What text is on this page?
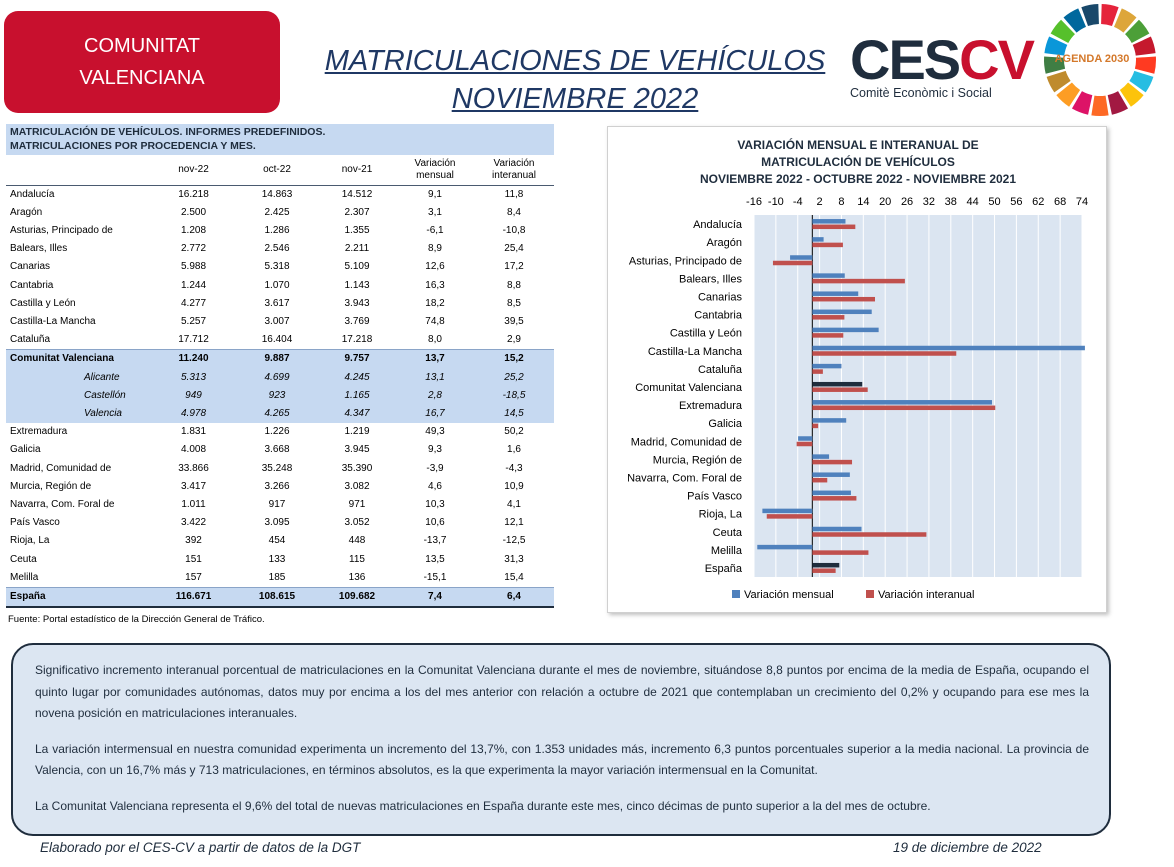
COMUNITAT
VALENCIANA
MATRICULACIONES DE VEHÍCULOS
NOVIEMBRE 2022
CESCV
Comitè Econòmic i Social
AGENDA 2030
MATRICULACIÓN DE VEHÍCULOS. INFORMES PREDEFINIDOS.
MATRICULACIONES POR PROCEDENCIA Y MES.
	nov-22	oct-22	nov-21	Variación mensual	Variación interanual
Andalucía	16.218	14.863	14.512	9,1	11,8
Aragón	2.500	2.425	2.307	3,1	8,4
Asturias, Principado de	1.208	1.286	1.355	-6,1	-10,8
Balears, Illes	2.772	2.546	2.211	8,9	25,4
Canarias	5.988	5.318	5.109	12,6	17,2
Cantabria	1.244	1.070	1.143	16,3	8,8
Castilla y León	4.277	3.617	3.943	18,2	8,5
Castilla-La Mancha	5.257	3.007	3.769	74,8	39,5
Cataluña	17.712	16.404	17.218	8,0	2,9
Comunitat Valenciana	11.240	9.887	9.757	13,7	15,2
Alicante	5.313	4.699	4.245	13,1	25,2
Castellón	949	923	1.165	2,8	-18,5
Valencia	4.978	4.265	4.347	16,7	14,5
Extremadura	1.831	1.226	1.219	49,3	50,2
Galicia	4.008	3.668	3.945	9,3	1,6
Madrid, Comunidad de	33.866	35.248	35.390	-3,9	-4,3
Murcia, Región de	3.417	3.266	3.082	4,6	10,9
Navarra, Com. Foral de	1.011	917	971	10,3	4,1
País Vasco	3.422	3.095	3.052	10,6	12,1
Rioja, La	392	454	448	-13,7	-12,5
Ceuta	151	133	115	13,5	31,3
Melilla	157	185	136	-15,1	15,4
España	116.671	108.615	109.682	7,4	6,4
Fuente: Portal estadístico de la Dirección General de Tráfico.
VARIACIÓN MENSUAL E INTERANUAL DE
MATRICULACIÓN DE VEHÍCULOS
NOVIEMBRE 2022 - OCTUBRE 2022 - NOVIEMBRE 2021
-16 -10 -4 2 8 14 20 26 32 38 44 50 56 62 68 74
Andalucía
Aragón
Asturias, Principado de
Balears, Illes
Canarias
Cantabria
Castilla y León
Castilla-La Mancha
Cataluña
Comunitat Valenciana
Extremadura
Galicia
Madrid, Comunidad de
Murcia, Región de
Navarra, Com. Foral de
País Vasco
Rioja, La
Ceuta
Melilla
España
Variación mensual	Variación interanual

Significativo incremento interanual porcentual de matriculaciones en la Comunitat Valenciana durante el mes de noviembre, situándose 8,8 puntos por encima de la media de España, ocupando el quinto lugar por comunidades autónomas, datos muy por encima a los del mes anterior con relación a octubre de 2021 que contemplaban un crecimiento del 0,2% y ocupando para ese mes la novena posición en matriculaciones interanuales.

La variación intermensual en nuestra comunidad experimenta un incremento del 13,7%, con 1.353 unidades más, incremento 6,3 puntos porcentuales superior a la media nacional. La provincia de Valencia, con un 16,7% más y 713 matriculaciones, en términos absolutos, es la que experimenta la mayor variación intermensual en la Comunitat.

La Comunitat Valenciana representa el 9,6% del total de nuevas matriculaciones en España durante este mes, cinco décimas de punto superior a la del mes de octubre.

Elaborado por el CES-CV a partir de datos de la DGT	19 de diciembre de 2022
